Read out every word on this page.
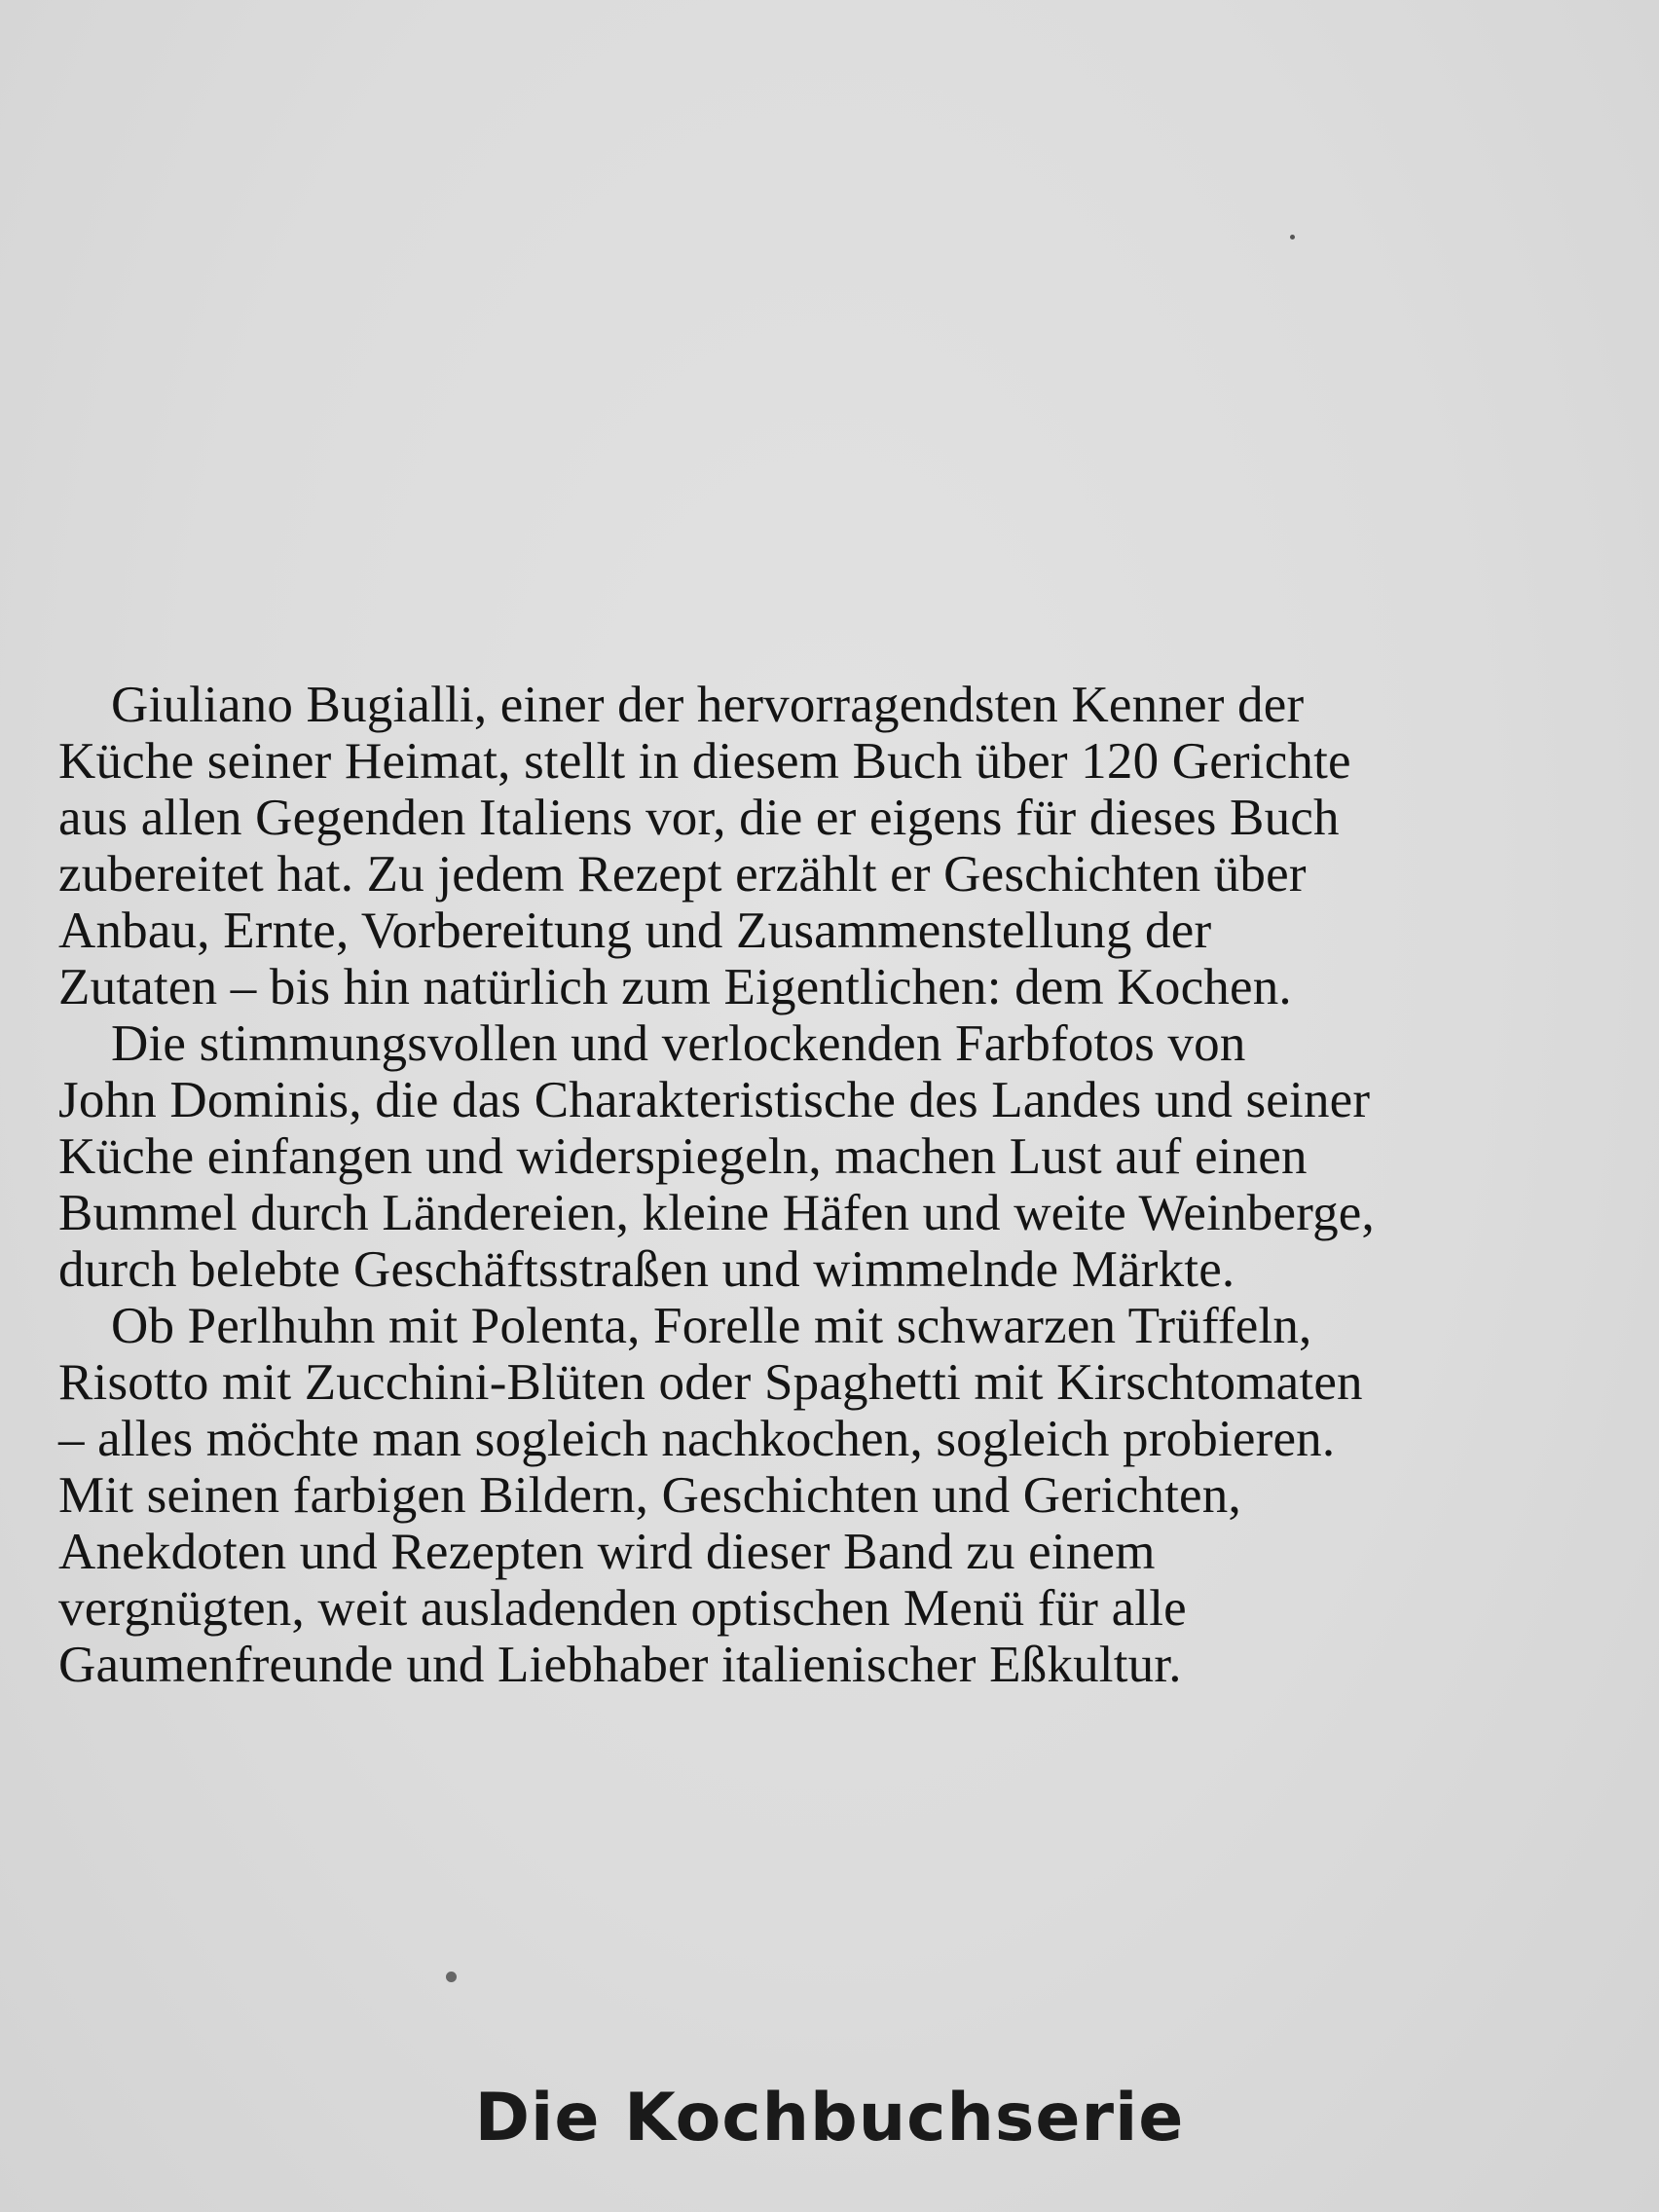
Giuliano Bugialli, einer der hervorragendsten Kenner der
Küche seiner Heimat, stellt in diesem Buch über 120 Gerichte
aus allen Gegenden Italiens vor, die er eigens für dieses Buch
zubereitet hat. Zu jedem Rezept erzählt er Geschichten über
Anbau, Ernte, Vorbereitung und Zusammenstellung der
Zutaten – bis hin natürlich zum Eigentlichen: dem Kochen.
Die stimmungsvollen und verlockenden Farbfotos von
John Dominis, die das Charakteristische des Landes und seiner
Küche einfangen und widerspiegeln, machen Lust auf einen
Bummel durch Ländereien, kleine Häfen und weite Weinberge,
durch belebte Geschäftsstraßen und wimmelnde Märkte.
Ob Perlhuhn mit Polenta, Forelle mit schwarzen Trüffeln,
Risotto mit Zucchini-Blüten oder Spaghetti mit Kirschtomaten
– alles möchte man sogleich nachkochen, sogleich probieren.
Mit seinen farbigen Bildern, Geschichten und Gerichten,
Anekdoten und Rezepten wird dieser Band zu einem
vergnügten, weit ausladenden optischen Menü für alle
Gaumenfreunde und Liebhaber italienischer Eßkultur.
Die Kochbuchserie
